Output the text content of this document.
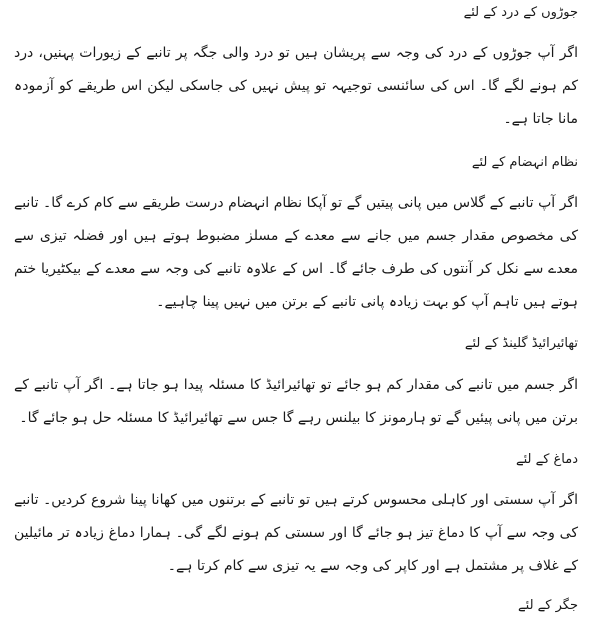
جوڑوں کے درد کے لئے

اگر آپ جوڑوں کے درد کی وجہ سے پریشان ہیں تو درد والی جگہ پر تانبے کے زیورات پہنیں، درد کم ہونے لگے گا۔ اس کی سائنسی توجیہہ تو پیش نہیں کی جاسکی لیکن اس طریقے کو آزمودہ مانا جاتا ہے۔

نظام انہضام کے لئے

اگر آپ تانبے کے گلاس میں پانی پیتیں گے تو آپکا نظام انہضام درست طریقے سے کام کرے گا۔ تانبے کی مخصوص مقدار جسم میں جانے سے معدے کے مسلز مضبوط ہوتے ہیں اور فضلہ تیزی سے معدے سے نکل کر آنتوں کی طرف جائے گا۔ اس کے علاوہ تانبے کی وجہ سے معدے کے بیکٹیریا ختم ہوتے ہیں تاہم آپ کو بہت زیادہ پانی تانبے کے برتن میں نہیں پینا چاہیے۔

تھائیرائیڈ گلینڈ کے لئے

اگر جسم میں تانبے کی مقدار کم ہو جائے تو تھائیرائیڈ کا مسئلہ پیدا ہو جاتا ہے۔ اگر آپ تانبے کے برتن میں پانی پیئیں گے تو ہارمونز کا بیلنس رہے گا جس سے تھائیرائیڈ کا مسئلہ حل ہو جائے گا۔

دماغ کے لئے

اگر آپ سستی اور کاہلی محسوس کرتے ہیں تو تانبے کے برتنوں میں کھانا پینا شروع کردیں۔ تانبے کی وجہ سے آپ کا دماغ تیز ہو جائے گا اور سستی کم ہونے لگے گی۔ ہمارا دماغ زیادہ تر مائیلین کے غلاف پر مشتمل ہے اور کاپر کی وجہ سے یہ تیزی سے کام کرتا ہے۔

جگر کے لئے
